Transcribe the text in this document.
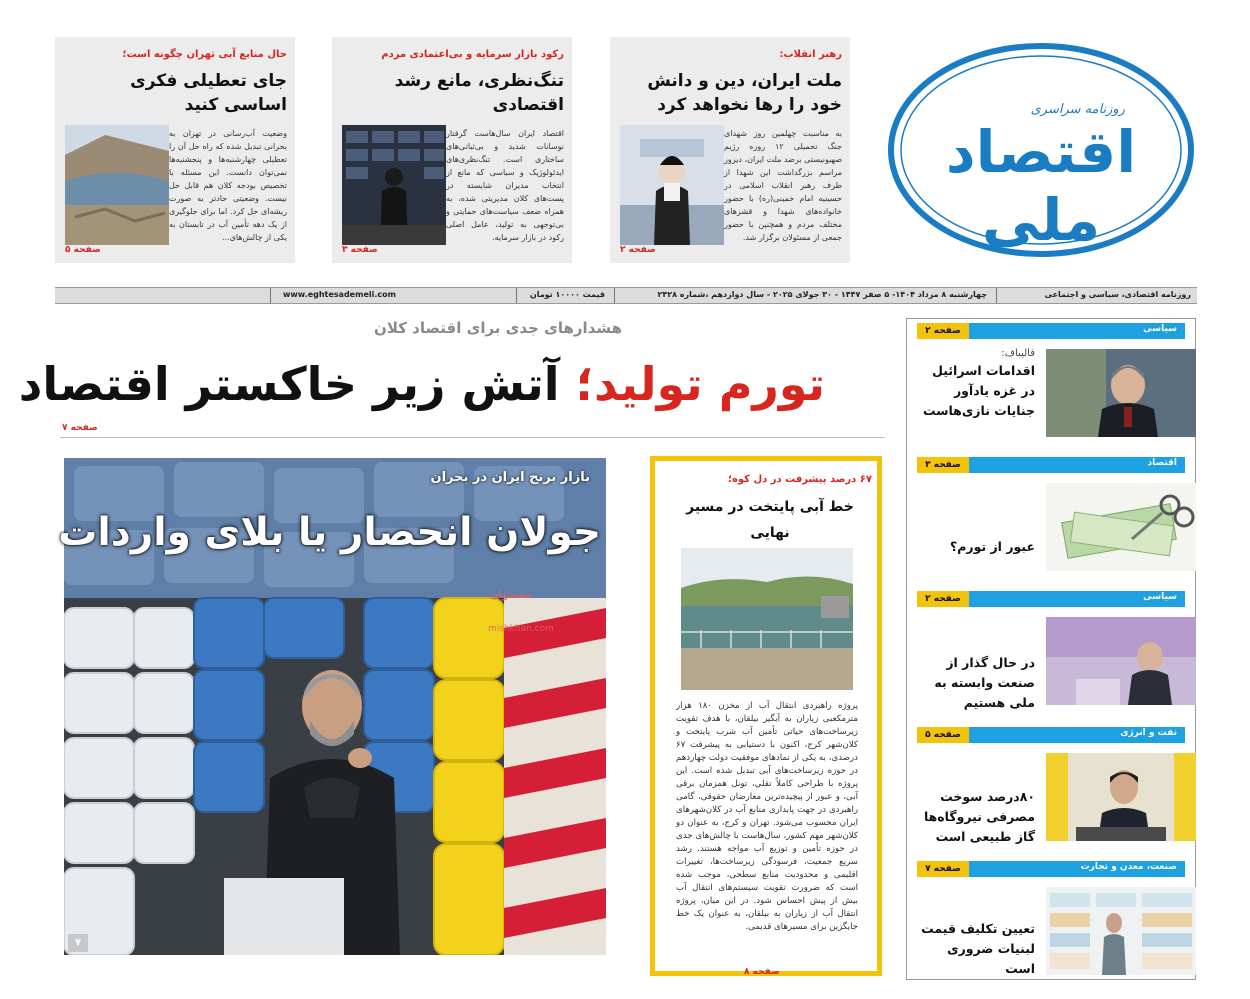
روزنامه سراسری
اقتصاد ملی
رهبر انقلاب:
ملت ایران، دین و دانش خود را رها نخواهد کرد
به مناسبت چهلمین روز شهدای جنگ تحمیلی ۱۲ روزه رژیم صهیونیستی برضد ملت ایران، دیروز مراسم بزرگداشت این شهدا از طرف رهبر انقلاب اسلامی در حسینیه امام خمینی(ره) با حضور خانواده‌های شهدا و قشرهای مختلف مردم و همچنین با حضور جمعی از مسئولان برگزار شد.
صفحه ۲
رکود بازار سرمایه و بی‌اعتمادی مردم
تنگ‌نظری، مانع رشد اقتصادی
اقتصاد ایران سال‌هاست گرفتار نوسانات شدید و بی‌ثباتی‌های ساختاری است. تنگ‌نظری‌های ایدئولوژیک و سیاسی که مانع از انتخاب مدیران شایسته در پست‌های کلان مدیریتی شده، به همراه ضعف سیاست‌های حمایتی و بی‌توجهی به تولید، عامل اصلی رکود در بازار سرمایه.
صفحه ۳
حال منابع آبی تهران چگونه است؛
جای تعطیلی فکری اساسی کنید
وضعیت آب‌رسانی در تهران به بحرانی تبدیل شده که راه حل آن را تعطیلی چهارشنبه‌ها و پنجشنبه‌ها نمی‌توان دانست. این مسئله با تخصیص بودجه کلان هم قابل حل نیست. وضعیتی حادتر به صورت ریشه‌ای حل کرد. اما برای جلوگیری از یک دهه تأمین آب در تابستان به یکی از چالش‌های...
صفحه ۵
روزنامه اقتصادی، سیاسی و اجتماعی
چهارشنبه ۸ مرداد ۱۴۰۴- ۵ صفر ۱۴۴۷ - ۳۰ جولای ۲۰۲۵ - سال دوازدهم ،شماره ۲۴۲۸
قیمت ۱۰۰۰۰ تومان
www.eghtesademeli.com
هشدارهای جدی برای اقتصاد کلان
تورم تولید؛ آتش زیر خاکستر اقتصاد
صفحه ۷
بازار برنج ایران در بحران
جولان انحصار یا بلای واردات
مشخوان
mishkhan.com
۷
۶۷ درصد پیشرفت در دل کوه؛
خط آبی پایتخت در مسیر نهایی
پروژه راهبردی انتقال آب از مخزن ۱۸۰ هزار مترمکعبی زیاران به آبگیر بیلقان، با هدف تقویت زیرساخت‌های حیاتی تأمین آب شرب پایتخت و کلان‌شهر کرج، اکنون با دستیابی به پیشرفت ۶۷ درصدی، به یکی از نمادهای موفقیت دولت چهاردهم در حوزه زیرساخت‌های آبی تبدیل شده است. این پروژه با طراحی کاملاً تقلی، تونل همزمان برقی آبی، و عبور از پیچیده‌ترین معارضان حقوقی، گامی راهبردی در جهت پایداری منابع آب در کلان‌شهرهای ایران محسوب می‌شود. تهران و کرج، به عنوان دو کلان‌شهر مهم کشور، سال‌هاست با چالش‌های جدی در حوزه تأمین و توزیع آب مواجه هستند. رشد سریع جمعیت، فرسودگی زیرساخت‌ها، تغییرات اقلیمی و محدودیت منابع سطحی، موجب شده است که ضرورت تقویت سیستم‌های انتقال آب بیش از پیش احساس شود. در این میان، پروژه انتقال آب از زیاران به بیلقان، به عنوان یک خط جایگزین برای مسیرهای قدیمی.
صفحه ۸
سیاسی
صفحه ۲
قالیباف:
اقدامات اسرائیل در غزه یادآور جنایات نازی‌هاست
اقتصاد
صفحه ۳
عبور از تورم؟
سیاسی
صفحه ۲
در حال گذار از صنعت وابسته به ملی هستیم
نفت و انرژی
صفحه ۵
۸۰درصد سوخت مصرفی نیروگاه‌ها گاز طبیعی است
صنعت، معدن و تجارت
صفحه ۷
تعیین تکلیف قیمت لبنیات ضروری است
